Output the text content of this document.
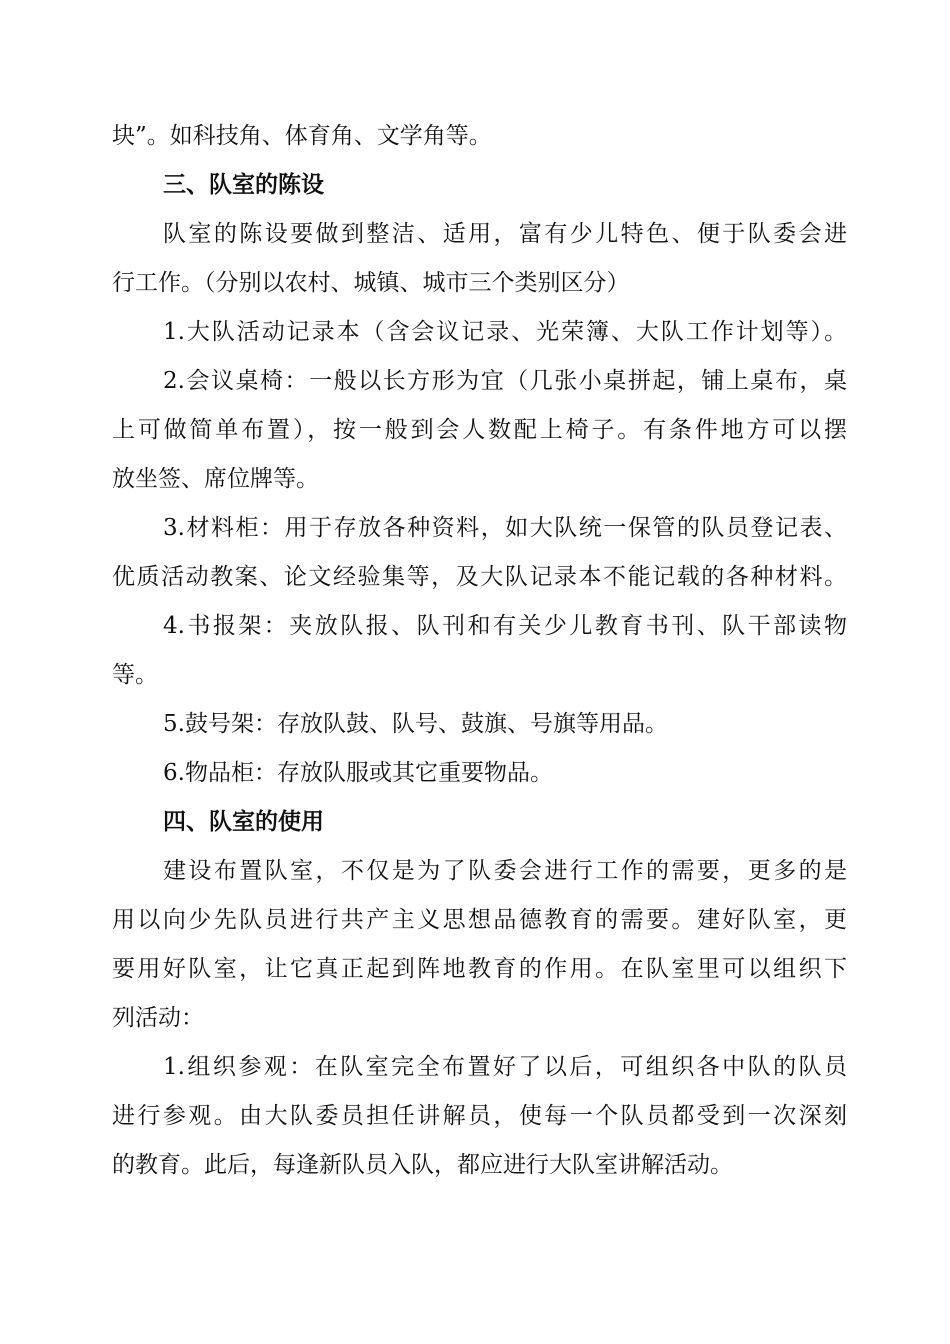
块”。如科技角、体育角、文学角等。
三、队室的陈设
队室的陈设要做到整洁、适用，富有少儿特色、便于队委会进
行工作。（分别以农村、城镇、城市三个类别区分）
1.大队活动记录本（含会议记录、光荣簿、大队工作计划等）。
2.会议桌椅：一般以长方形为宜（几张小桌拼起，铺上桌布，桌
上可做简单布置），按一般到会人数配上椅子。有条件地方可以摆
放坐签、席位牌等。
3.材料柜：用于存放各种资料，如大队统一保管的队员登记表、
优质活动教案、论文经验集等，及大队记录本不能记载的各种材料。
4.书报架：夹放队报、队刊和有关少儿教育书刊、队干部读物
等。
5.鼓号架：存放队鼓、队号、鼓旗、号旗等用品。
6.物品柜：存放队服或其它重要物品。
四、队室的使用
建设布置队室，不仅是为了队委会进行工作的需要，更多的是
用以向少先队员进行共产主义思想品德教育的需要。建好队室，更
要用好队室，让它真正起到阵地教育的作用。在队室里可以组织下
列活动：
1.组织参观：在队室完全布置好了以后，可组织各中队的队员
进行参观。由大队委员担任讲解员，使每一个队员都受到一次深刻
的教育。此后，每逢新队员入队，都应进行大队室讲解活动。
